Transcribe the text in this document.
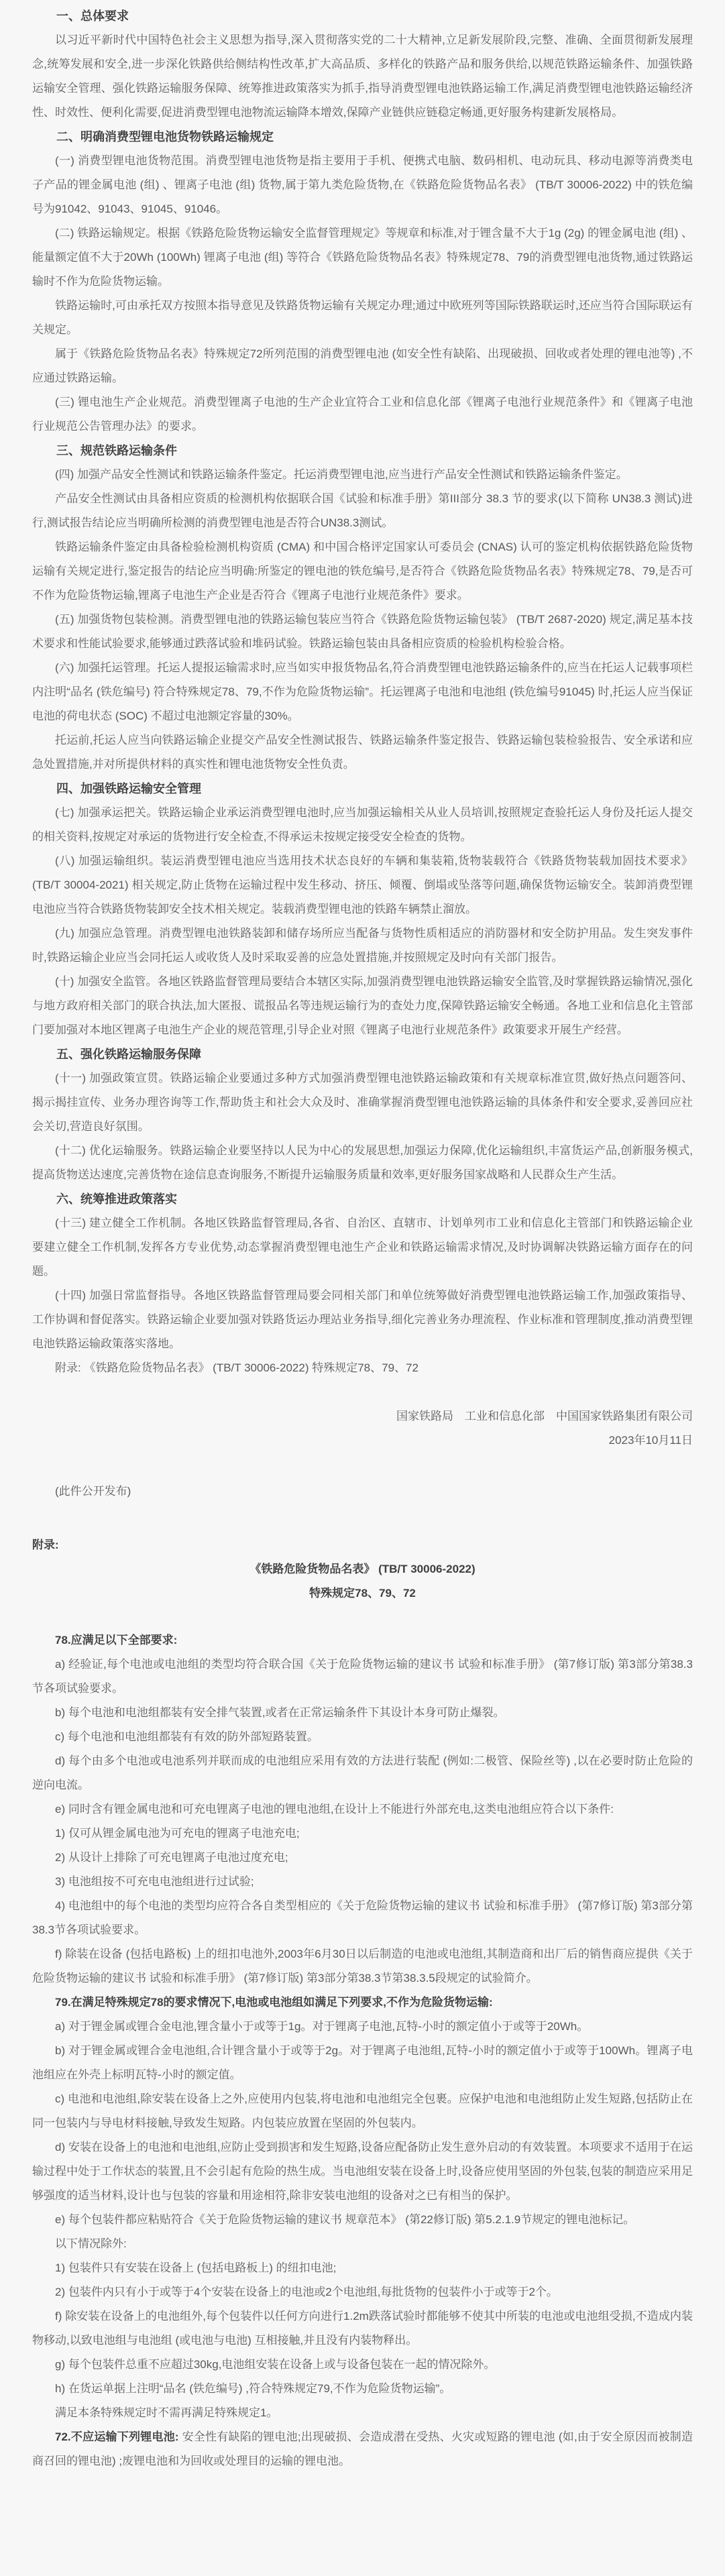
一、总体要求

以习近平新时代中国特色社会主义思想为指导,深入贯彻落实党的二十大精神,立足新发展阶段,完整、准确、全面贯彻新发展理念,统筹发展和安全,进一步深化铁路供给侧结构性改革,扩大高品质、多样化的铁路产品和服务供给,以规范铁路运输条件、加强铁路运输安全管理、强化铁路运输服务保障、统筹推进政策落实为抓手,指导消费型锂电池铁路运输工作,满足消费型锂电池铁路运输经济性、时效性、便利化需要,促进消费型锂电池物流运输降本增效,保障产业链供应链稳定畅通,更好服务构建新发展格局。

二、明确消费型锂电池货物铁路运输规定

(一) 消费型锂电池货物范围。消费型锂电池货物是指主要用于手机、便携式电脑、数码相机、电动玩具、移动电源等消费类电子产品的锂金属电池 (组) 、锂离子电池 (组) 货物,属于第九类危险货物,在《铁路危险货物品名表》 (TB/T 30006-2022) 中的铁危编号为91042、91043、91045、91046。

(二) 铁路运输规定。根据《铁路危险货物运输安全监督管理规定》等规章和标准,对于锂含量不大于1g (2g) 的锂金属电池 (组) 、能量额定值不大于20Wh (100Wh) 锂离子电池 (组) 等符合《铁路危险货物品名表》特殊规定78、79的消费型锂电池货物,通过铁路运输时不作为危险货物运输。

铁路运输时,可由承托双方按照本指导意见及铁路货物运输有关规定办理;通过中欧班列等国际铁路联运时,还应当符合国际联运有关规定。

属于《铁路危险货物品名表》特殊规定72所列范围的消费型锂电池 (如安全性有缺陷、出现破损、回收或者处理的锂电池等) ,不应通过铁路运输。

(三) 锂电池生产企业规范。消费型锂离子电池的生产企业宜符合工业和信息化部《锂离子电池行业规范条件》和《锂离子电池行业规范公告管理办法》的要求。

三、规范铁路运输条件

(四) 加强产品安全性测试和铁路运输条件鉴定。托运消费型锂电池,应当进行产品安全性测试和铁路运输条件鉴定。

产品安全性测试由具备相应资质的检测机构依据联合国《试验和标准手册》第III部分 38.3 节的要求(以下简称 UN38.3 测试)进行,测试报告结论应当明确所检测的消费型锂电池是否符合UN38.3测试。

铁路运输条件鉴定由具备检验检测机构资质 (CMA) 和中国合格评定国家认可委员会 (CNAS) 认可的鉴定机构依据铁路危险货物运输有关规定进行,鉴定报告的结论应当明确:所鉴定的锂电池的铁危编号,是否符合《铁路危险货物品名表》特殊规定78、79,是否可不作为危险货物运输,锂离子电池生产企业是否符合《锂离子电池行业规范条件》要求。

(五) 加强货物包装检测。消费型锂电池的铁路运输包装应当符合《铁路危险货物运输包装》 (TB/T 2687-2020) 规定,满足基本技术要求和性能试验要求,能够通过跌落试验和堆码试验。铁路运输包装由具备相应资质的检验机构检验合格。

(六) 加强托运管理。托运人提报运输需求时,应当如实申报货物品名,符合消费型锂电池铁路运输条件的,应当在托运人记载事项栏内注明“品名 (铁危编号) 符合特殊规定78、79,不作为危险货物运输”。托运锂离子电池和电池组 (铁危编号91045) 时,托运人应当保证电池的荷电状态 (SOC) 不超过电池额定容量的30%。

托运前,托运人应当向铁路运输企业提交产品安全性测试报告、铁路运输条件鉴定报告、铁路运输包装检验报告、安全承诺和应急处置措施,并对所提供材料的真实性和锂电池货物安全性负责。

四、加强铁路运输安全管理

(七) 加强承运把关。铁路运输企业承运消费型锂电池时,应当加强运输相关从业人员培训,按照规定查验托运人身份及托运人提交的相关资料,按规定对承运的货物进行安全检查,不得承运未按规定接受安全检查的货物。

(八) 加强运输组织。装运消费型锂电池应当选用技术状态良好的车辆和集装箱,货物装载符合《铁路货物装载加固技术要求》 (TB/T 30004-2021) 相关规定,防止货物在运输过程中发生移动、挤压、倾覆、倒塌或坠落等问题,确保货物运输安全。装卸消费型锂电池应当符合铁路货物装卸安全技术相关规定。装载消费型锂电池的铁路车辆禁止溜放。

(九) 加强应急管理。消费型锂电池铁路装卸和储存场所应当配备与货物性质相适应的消防器材和安全防护用品。发生突发事件时,铁路运输企业应当会同托运人或收货人及时采取妥善的应急处置措施,并按照规定及时向有关部门报告。

(十) 加强安全监管。各地区铁路监督管理局要结合本辖区实际,加强消费型锂电池铁路运输安全监管,及时掌握铁路运输情况,强化与地方政府相关部门的联合执法,加大匿报、谎报品名等违规运输行为的查处力度,保障铁路运输安全畅通。各地工业和信息化主管部门要加强对本地区锂离子电池生产企业的规范管理,引导企业对照《锂离子电池行业规范条件》政策要求开展生产经营。

五、强化铁路运输服务保障

(十一) 加强政策宣贯。铁路运输企业要通过多种方式加强消费型锂电池铁路运输政策和有关规章标准宣贯,做好热点问题答问、揭示揭挂宣传、业务办理咨询等工作,帮助货主和社会大众及时、准确掌握消费型锂电池铁路运输的具体条件和安全要求,妥善回应社会关切,营造良好氛围。

(十二) 优化运输服务。铁路运输企业要坚持以人民为中心的发展思想,加强运力保障,优化运输组织,丰富货运产品,创新服务模式,提高货物送达速度,完善货物在途信息查询服务,不断提升运输服务质量和效率,更好服务国家战略和人民群众生产生活。

六、统筹推进政策落实

(十三) 建立健全工作机制。各地区铁路监督管理局,各省、自治区、直辖市、计划单列市工业和信息化主管部门和铁路运输企业要建立健全工作机制,发挥各方专业优势,动态掌握消费型锂电池生产企业和铁路运输需求情况,及时协调解决铁路运输方面存在的问题。

(十四) 加强日常监督指导。各地区铁路监督管理局要会同相关部门和单位统筹做好消费型锂电池铁路运输工作,加强政策指导、工作协调和督促落实。铁路运输企业要加强对铁路货运办理站业务指导,细化完善业务办理流程、作业标准和管理制度,推动消费型锂电池铁路运输政策落实落地。

附录: 《铁路危险货物品名表》 (TB/T 30006-2022) 特殊规定78、79、72

国家铁路局　工业和信息化部　中国国家铁路集团有限公司

2023年10月11日

(此件公开发布)

附录:

《铁路危险货物品名表》 (TB/T 30006-2022)

特殊规定78、79、72

78.应满足以下全部要求:

a) 经验证,每个电池或电池组的类型均符合联合国《关于危险货物运输的建议书 试验和标准手册》 (第7修订版) 第3部分第38.3节各项试验要求。

b) 每个电池和电池组都装有安全排气装置,或者在正常运输条件下其设计本身可防止爆裂。

c) 每个电池和电池组都装有有效的防外部短路装置。

d) 每个由多个电池或电池系列并联而成的电池组应采用有效的方法进行装配 (例如:二极管、保险丝等) ,以在必要时防止危险的逆向电流。

e) 同时含有锂金属电池和可充电锂离子电池的锂电池组,在设计上不能进行外部充电,这类电池组应符合以下条件:

1) 仅可从锂金属电池为可充电的锂离子电池充电;

2) 从设计上排除了可充电锂离子电池过度充电;

3) 电池组按不可充电电池组进行过试验;

4) 电池组中的每个电池的类型均应符合各自类型相应的《关于危险货物运输的建议书 试验和标准手册》 (第7修订版) 第3部分第38.3节各项试验要求。

f) 除装在设备 (包括电路板) 上的纽扣电池外,2003年6月30日以后制造的电池或电池组,其制造商和出厂后的销售商应提供《关于危险货物运输的建议书 试验和标准手册》 (第7修订版) 第3部分第38.3节第38.3.5段规定的试验简介。

79.在满足特殊规定78的要求情况下,电池或电池组如满足下列要求,不作为危险货物运输:

a) 对于锂金属或锂合金电池,锂含量小于或等于1g。对于锂离子电池,瓦特-小时的额定值小于或等于20Wh。

b) 对于锂金属或锂合金电池组,合计锂含量小于或等于2g。对于锂离子电池组,瓦特-小时的额定值小于或等于100Wh。锂离子电池组应在外壳上标明瓦特-小时的额定值。

c) 电池和电池组,除安装在设备上之外,应使用内包装,将电池和电池组完全包裹。应保护电池和电池组防止发生短路,包括防止在同一包装内与导电材料接触,导致发生短路。内包装应放置在坚固的外包装内。

d) 安装在设备上的电池和电池组,应防止受到损害和发生短路,设备应配备防止发生意外启动的有效装置。本项要求不适用于在运输过程中处于工作状态的装置,且不会引起有危险的热生成。当电池组安装在设备上时,设备应使用坚固的外包装,包装的制造应采用足够强度的适当材料,设计也与包装的容量和用途相符,除非安装电池组的设备对之已有相当的保护。

e) 每个包装件都应粘贴符合《关于危险货物运输的建议书 规章范本》 (第22修订版) 第5.2.1.9节规定的锂电池标记。

以下情况除外:

1) 包装件只有安装在设备上 (包括电路板上) 的纽扣电池;

2) 包装件内只有小于或等于4个安装在设备上的电池或2个电池组,每批货物的包装件小于或等于2个。

f) 除安装在设备上的电池组外,每个包装件以任何方向进行1.2m跌落试验时都能够不使其中所装的电池或电池组受损,不造成内装物移动,以致电池组与电池组 (或电池与电池) 互相接触,并且没有内装物释出。

g) 每个包装件总重不应超过30kg,电池组安装在设备上或与设备包装在一起的情况除外。

h) 在货运单据上注明“品名 (铁危编号) ,符合特殊规定79,不作为危险货物运输”。

满足本条特殊规定时不需再满足特殊规定1。

72.不应运输下列锂电池: 安全性有缺陷的锂电池;出现破损、会造成潜在受热、火灾或短路的锂电池 (如,由于安全原因而被制造商召回的锂电池) ;废锂电池和为回收或处理目的运输的锂电池。
